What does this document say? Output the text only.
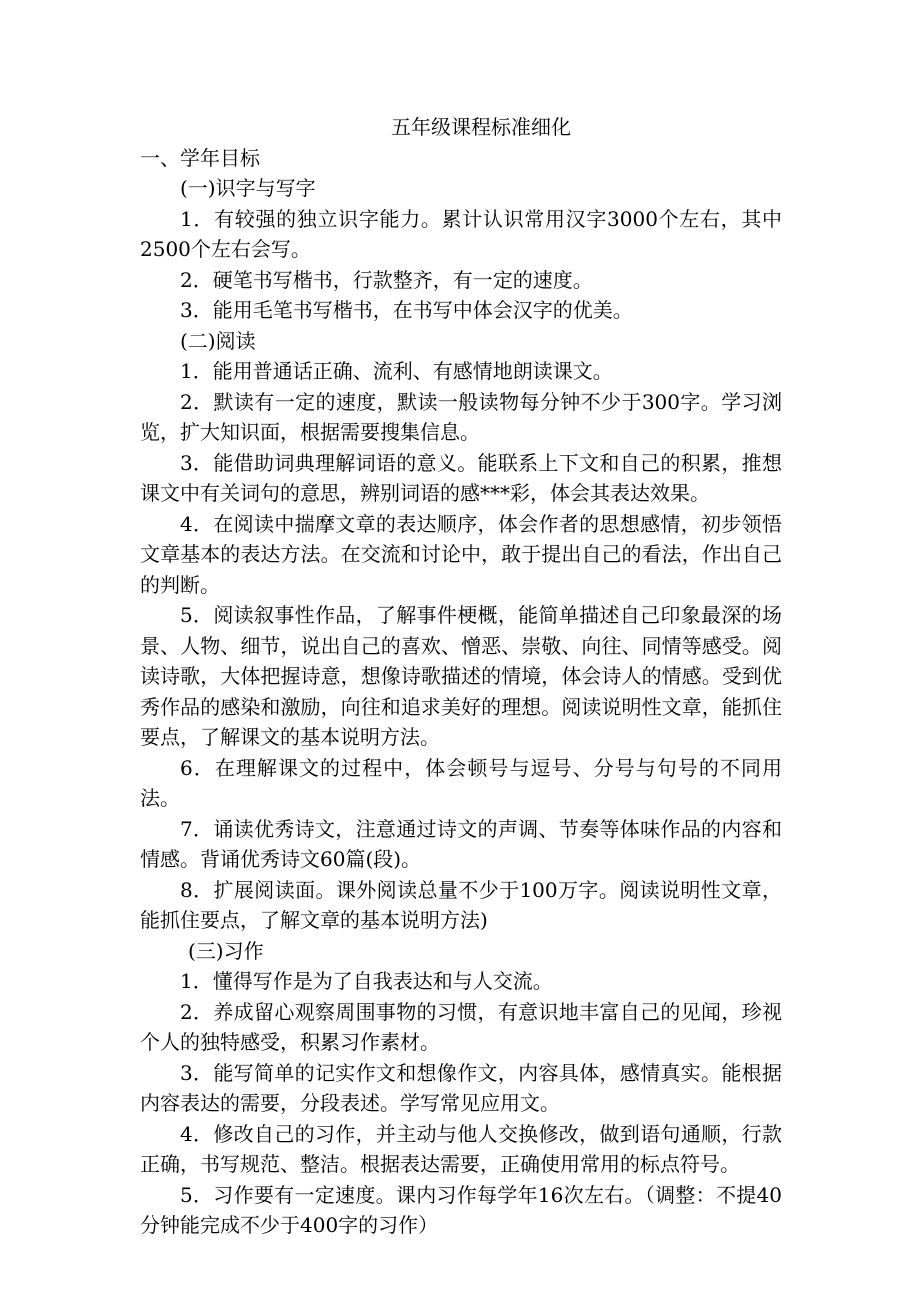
五年级课程标准细化

一、学年目标

(一)识字与写字

1．有较强的独立识字能力。累计认识常用汉字3000个左右，其中2500个左右会写。

2．硬笔书写楷书，行款整齐，有一定的速度。

3．能用毛笔书写楷书，在书写中体会汉字的优美。

(二)阅读

1．能用普通话正确、流利、有感情地朗读课文。

2．默读有一定的速度，默读一般读物每分钟不少于300字。学习浏览，扩大知识面，根据需要搜集信息。

3．能借助词典理解词语的意义。能联系上下文和自己的积累，推想课文中有关词句的意思，辨别词语的感***彩，体会其表达效果。

4．在阅读中揣摩文章的表达顺序，体会作者的思想感情，初步领悟文章基本的表达方法。在交流和讨论中，敢于提出自己的看法，作出自己的判断。

5．阅读叙事性作品，了解事件梗概，能简单描述自己印象最深的场景、人物、细节，说出自己的喜欢、憎恶、崇敬、向往、同情等感受。阅读诗歌，大体把握诗意，想像诗歌描述的情境，体会诗人的情感。受到优秀作品的感染和激励，向往和追求美好的理想。阅读说明性文章，能抓住要点，了解课文的基本说明方法。

6．在理解课文的过程中，体会顿号与逗号、分号与句号的不同用法。

7．诵读优秀诗文，注意通过诗文的声调、节奏等体味作品的内容和情感。背诵优秀诗文60篇(段)。

8．扩展阅读面。课外阅读总量不少于100万字。阅读说明性文章，能抓住要点，了解文章的基本说明方法)

(三)习作

1．懂得写作是为了自我表达和与人交流。

2．养成留心观察周围事物的习惯，有意识地丰富自己的见闻，珍视个人的独特感受，积累习作素材。

3．能写简单的记实作文和想像作文，内容具体，感情真实。能根据内容表达的需要，分段表述。学写常见应用文。

4．修改自己的习作，并主动与他人交换修改，做到语句通顺，行款正确，书写规范、整洁。根据表达需要，正确使用常用的标点符号。

5．习作要有一定速度。课内习作每学年16次左右。（调整：不提40分钟能完成不少于400字的习作）
